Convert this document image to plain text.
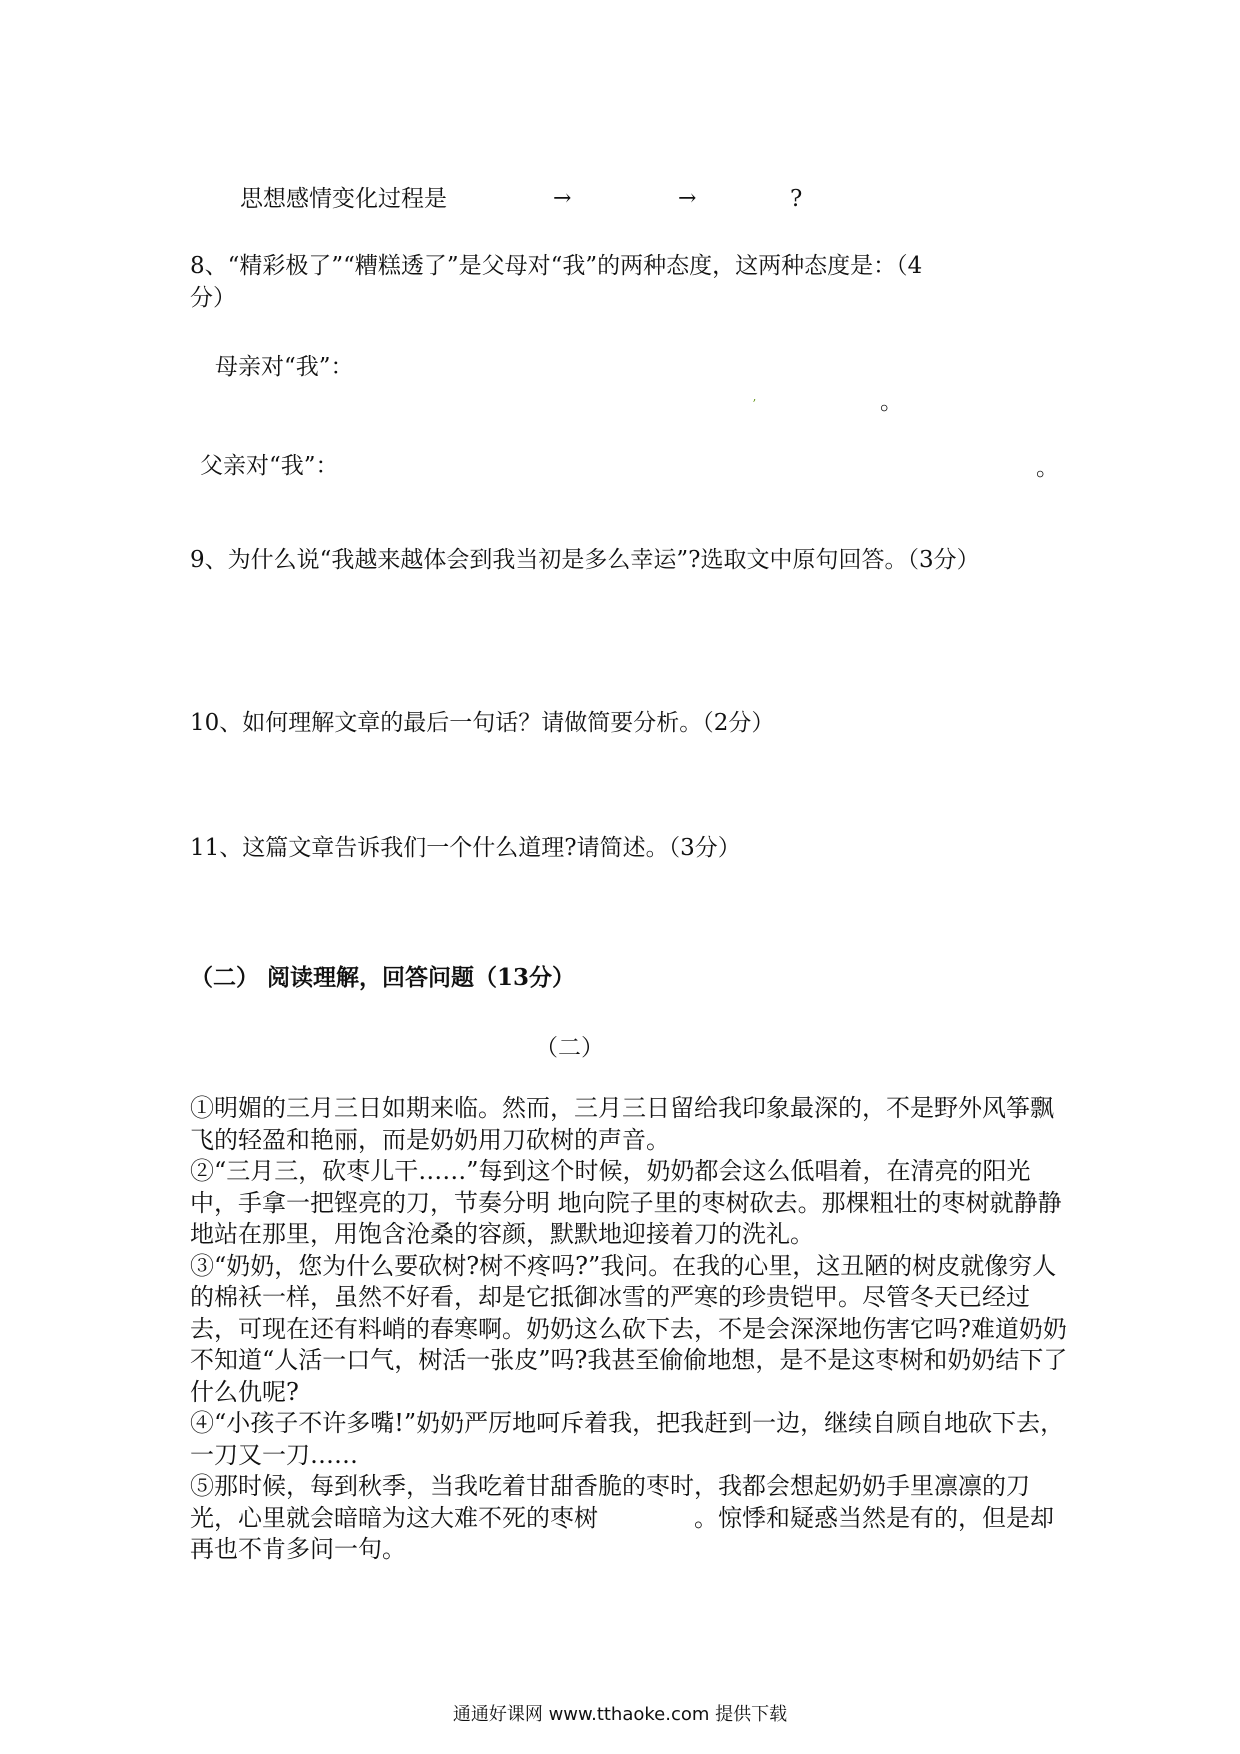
思想感情变化过程是	→	→	?
8、“精彩极了”“糟糕透了”是父母对“我”的两种态度，这两种态度是：（4
分）
母亲对“我”：
ʼ	。
父亲对“我”：	。
9、为什么说“我越来越体会到我当初是多么幸运”?选取文中原句回答。（3分）
10、如何理解文章的最后一句话？请做简要分析。（2分）
11、这篇文章告诉我们一个什么道理?请简述。（3分）
（二） 阅读理解，回答问题（13分）
（二）

①明媚的三月三日如期来临。然而，三月三日留给我印象最深的，不是野外风筝飘飞的轻盈和艳丽，而是奶奶用刀砍树的声音。

②“三月三，砍枣儿干……”每到这个时候，奶奶都会这么低唱着，在清亮的阳光中，手拿一把铿亮的刀，节奏分明 地向院子里的枣树砍去。那棵粗壮的枣树就静静地站在那里，用饱含沧桑的容颜，默默地迎接着刀的洗礼。

③“奶奶，您为什么要砍树?树不疼吗?”我问。在我的心里，这丑陋的树皮就像穷人的棉袄一样，虽然不好看，却是它抵御冰雪的严寒的珍贵铠甲。尽管冬天已经过去，可现在还有料峭的春寒啊。奶奶这么砍下去，不是会深深地伤害它吗?难道奶奶不知道“人活一口气，树活一张皮”吗?我甚至偷偷地想，是不是这枣树和奶奶结下了什么仇呢?

④“小孩子不许多嘴!”奶奶严厉地呵斥着我，把我赶到一边，继续自顾自地砍下去，一刀又一刀……

⑤那时候，每到秋季，当我吃着甘甜香脆的枣时，我都会想起奶奶手里凛凛的刀光，心里就会暗暗为这大难不死的枣树　　　　。惊悸和疑惑当然是有的，但是却再也不肯多问一句。

通通好课网 www.tthaoke.com 提供下载
